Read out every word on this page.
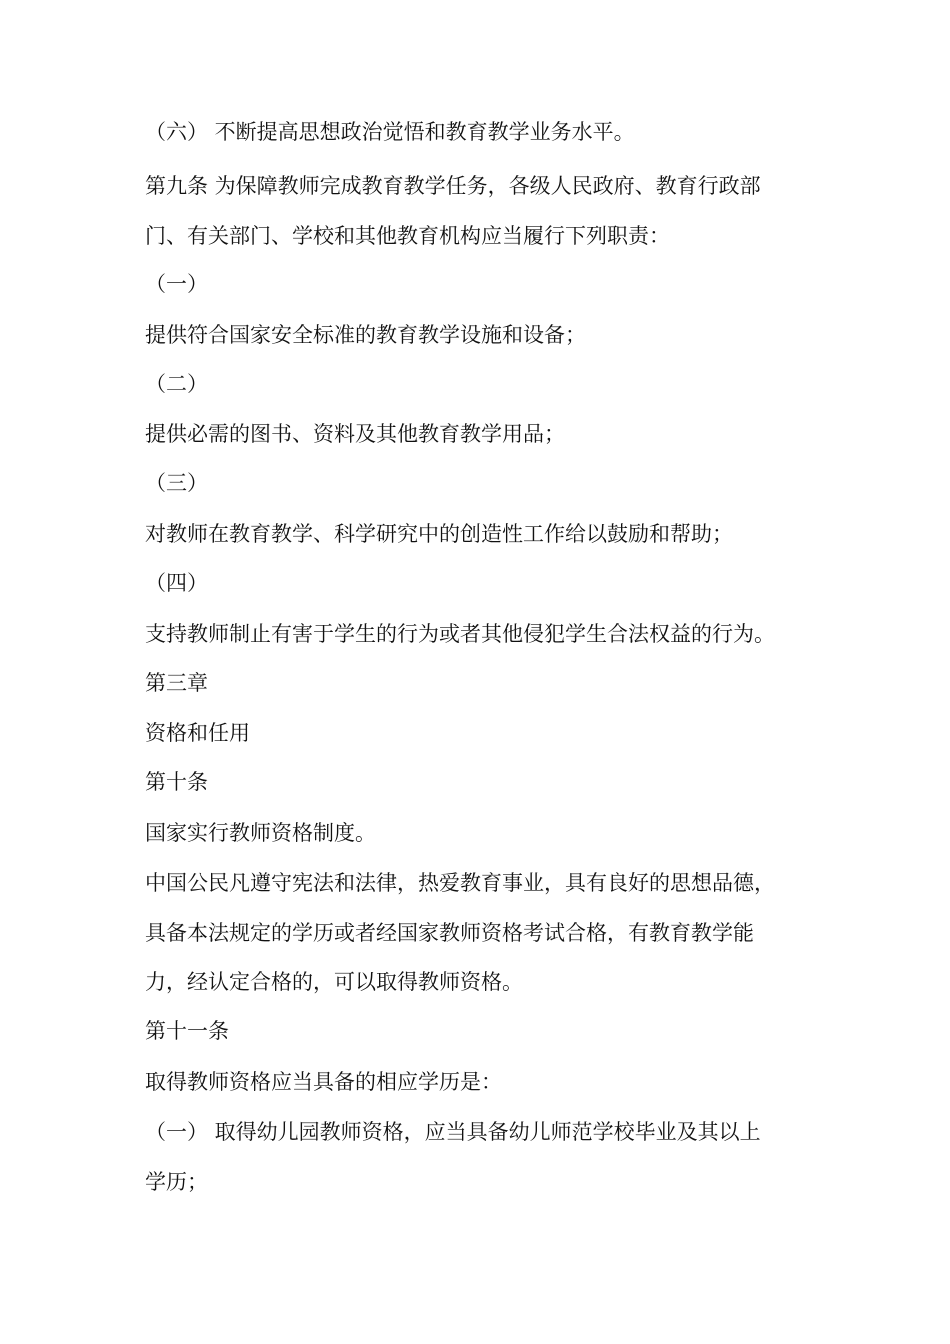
（六） 不断提高思想政治觉悟和教育教学业务水平。
第九条 为保障教师完成教育教学任务，各级人民政府、教育行政部
门、有关部门、学校和其他教育机构应当履行下列职责：
（一）
提供符合国家安全标准的教育教学设施和设备；
（二）
提供必需的图书、资料及其他教育教学用品；
（三）
对教师在教育教学、科学研究中的创造性工作给以鼓励和帮助；
（四）
支持教师制止有害于学生的行为或者其他侵犯学生合法权益的行为。
第三章
资格和任用
第十条
国家实行教师资格制度。
中国公民凡遵守宪法和法律，热爱教育事业，具有良好的思想品德，
具备本法规定的学历或者经国家教师资格考试合格，有教育教学能
力，经认定合格的，可以取得教师资格。
第十一条
取得教师资格应当具备的相应学历是：
（一） 取得幼儿园教师资格，应当具备幼儿师范学校毕业及其以上
学历；
